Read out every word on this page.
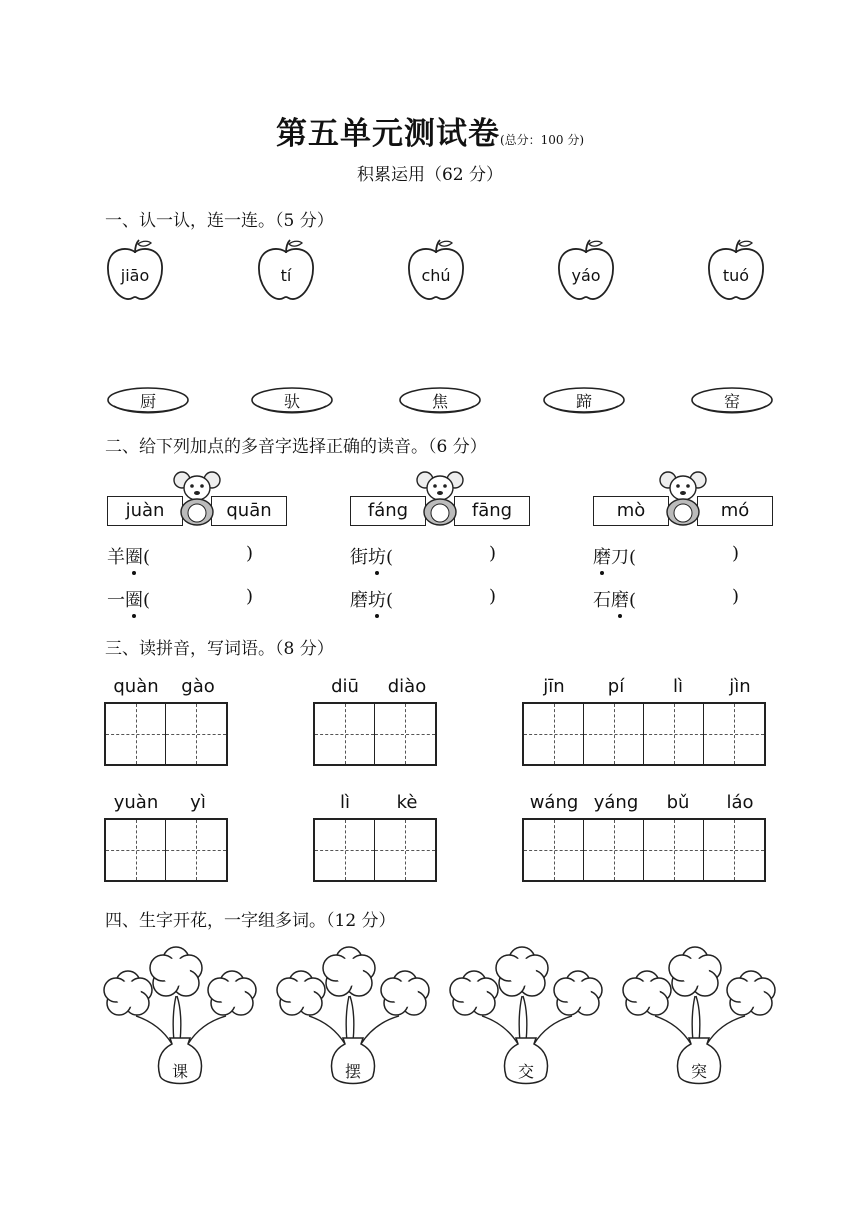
第五单元测试卷(总分：100 分)
积累运用（62 分）
一、认一认，连一连。（5 分）
jiāo	tí	chú	yáo	tuó
厨	驮	焦	蹄	窑
二、给下列加点的多音字选择正确的读音。（6 分）
juàn	quān
羊圈(	)
一圈(	)
fáng	fāng
街坊(	)
磨坊(	)
mò	mó
磨刀(	)
石磨(	)
三、读拼音，写词语。（8 分）
quàn	gào	diū	diào	jīn	pí	lì	jìn
yuàn	yì	lì	kè	wáng yáng	bǔ	láo
四、生字开花，一字组多词。（12 分）
课	摆	交	突
